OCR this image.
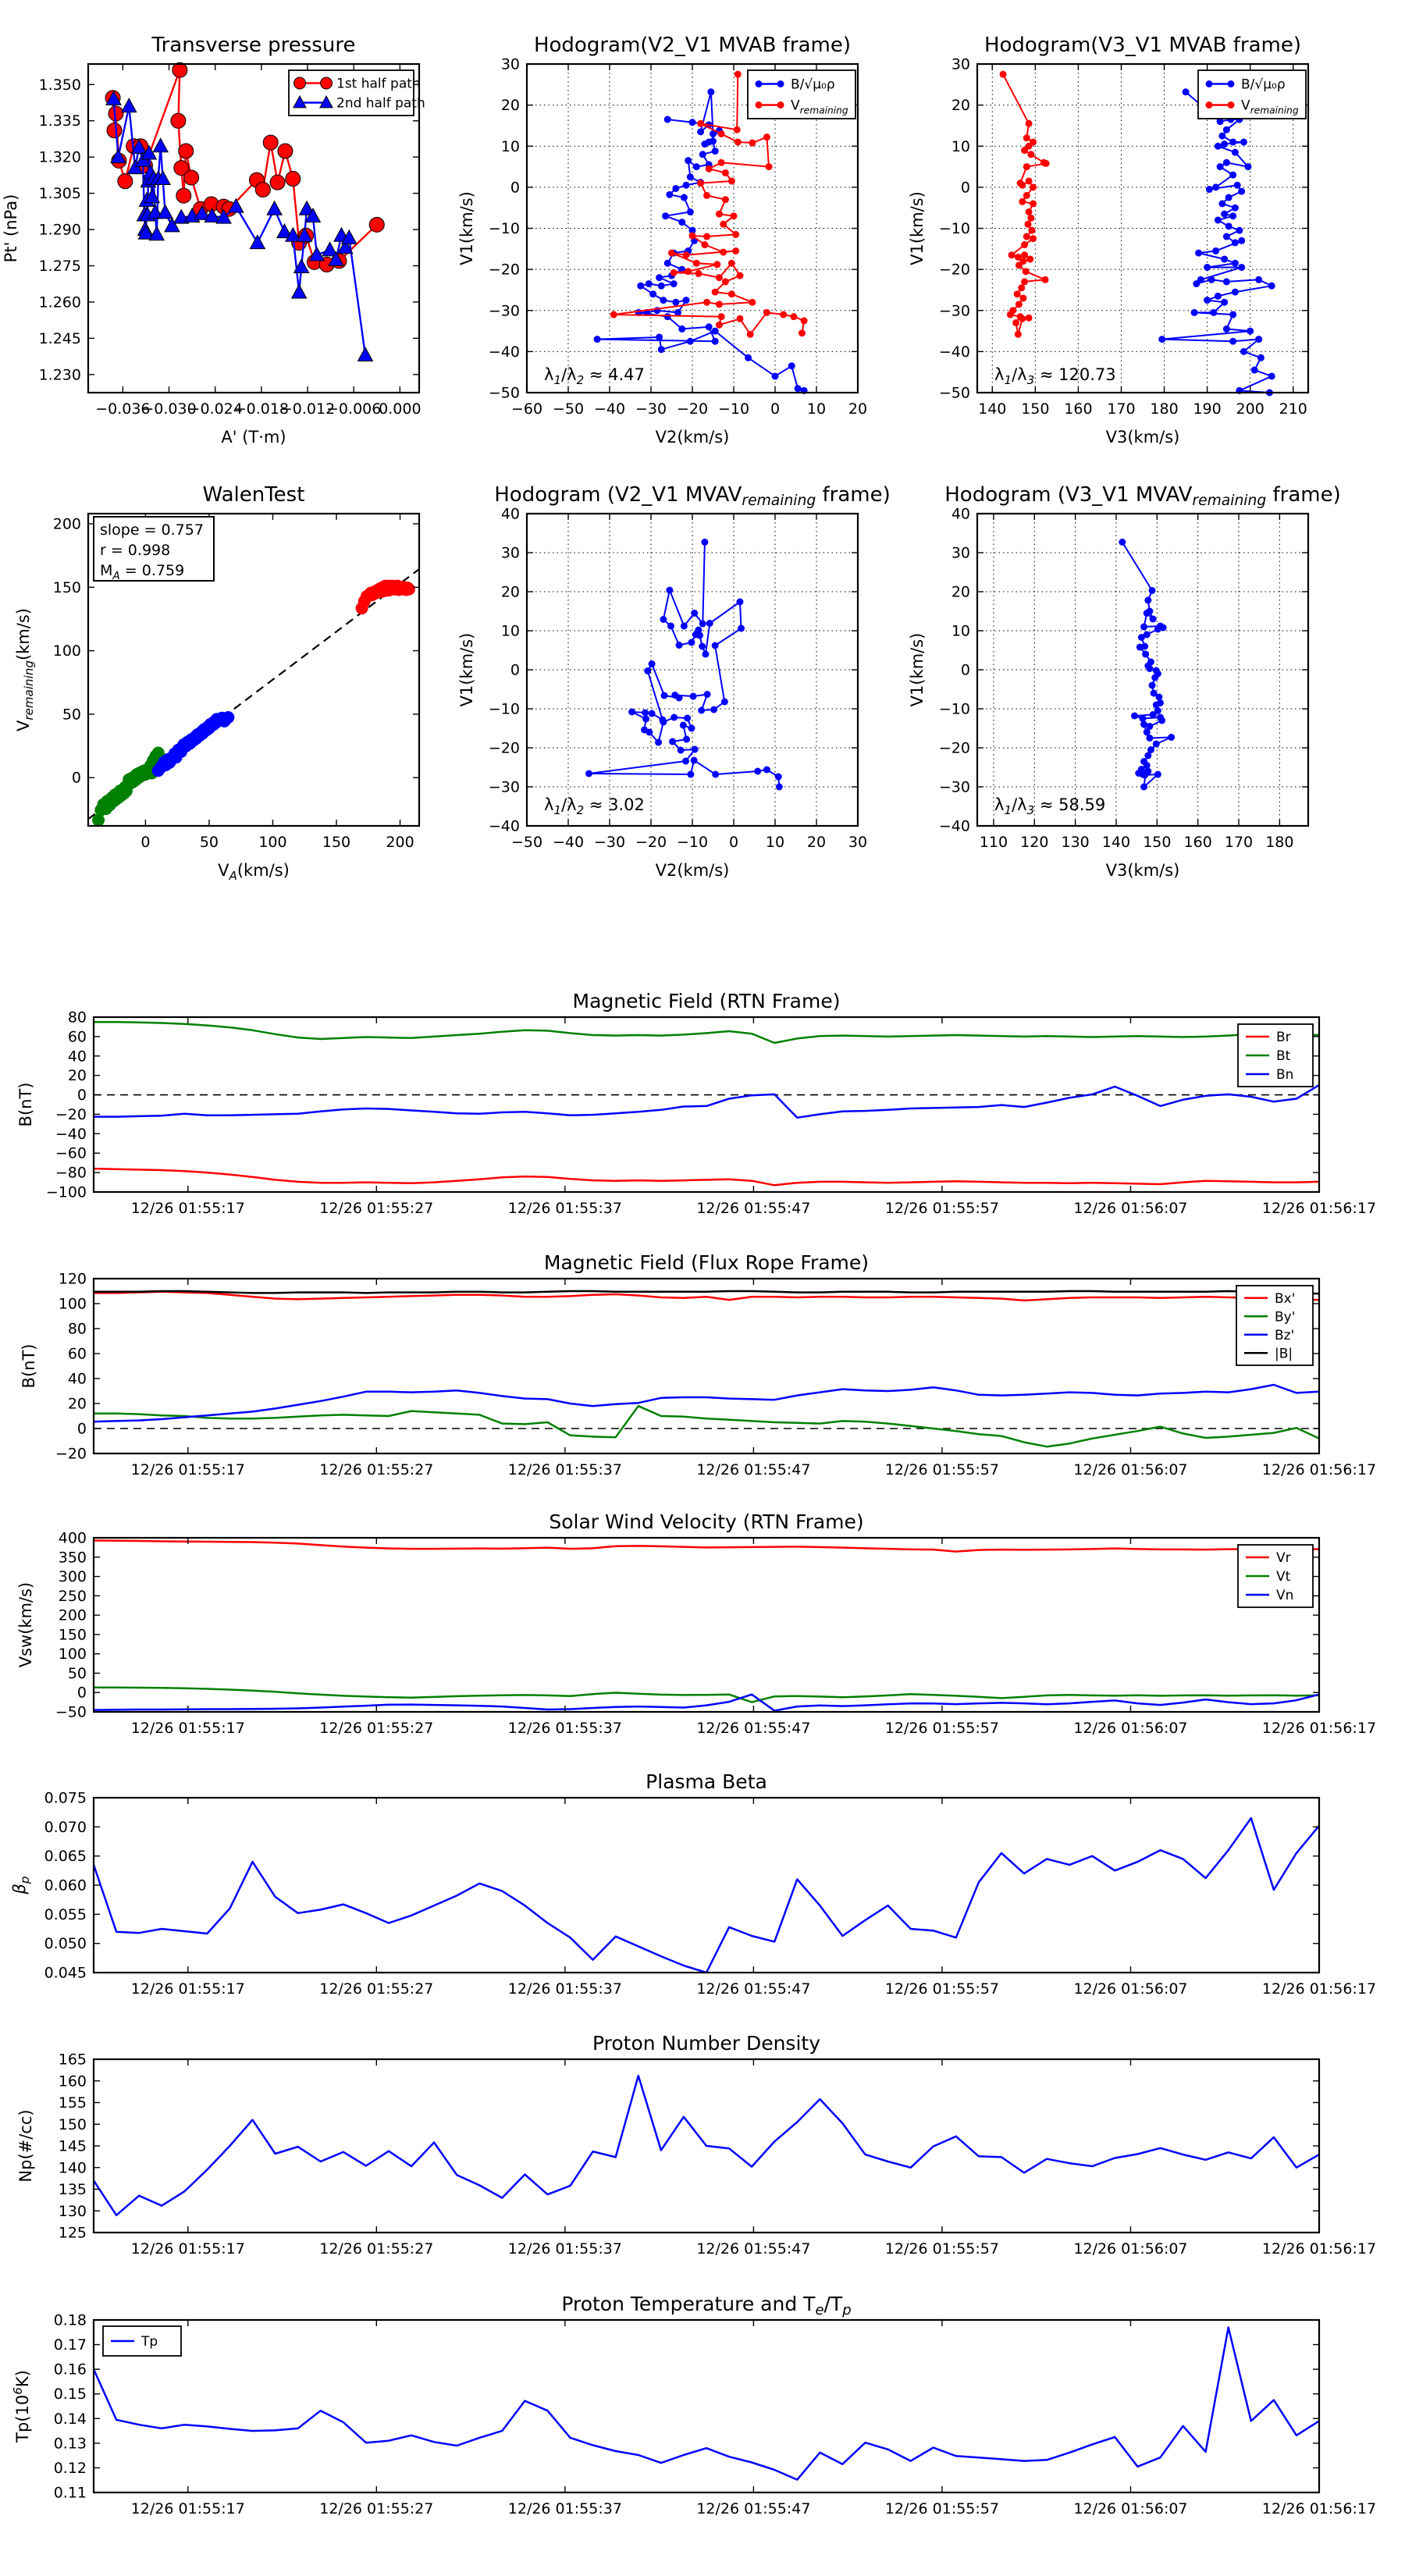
−0.036
−0.030
−0.024
−0.018
−0.012
−0.006
0.000
1.230
1.245
1.260
1.275
1.290
1.305
1.320
1.335
1.350
Transverse pressure
A' (T·m)
Pt' (nPa)
1st half path
2nd half path
−60 −50 −40 −30 −20 −10 0 10 20
−50
−40
−30
−20
−10
0
10
20
30
Hodogram(V2_V1 MVAB frame)
V2(km/s)
V1(km/s)
B/√μ₀ρ
$V_{remaining}$
$\lambda_1/\lambda_2 \approx 4.47$
140 150 160 170 180 190 200 210
−50
−40
−30
−20
−10
0
10
20
30
Hodogram(V3_V1 MVAB frame)
V3(km/s)
V1(km/s)
B/√μ₀ρ
$V_{remaining}$
$\lambda_1/\lambda_3 \approx 120.73$
0	50	100 150 200
0
50
100
150
200
WalenTest
$V_A(km/s)$
$V_{remaining}(km/s)$
slope = 0.757
r = 0.998
$M_A = 0.759$
−50 −40 −30 −20 −10 0 10 20 30
−40
−30
−20
−10
0
10
20
30
40
Hodogram (V2_V1 MVAVremaining frame)
V2(km/s)
V1(km/s)
$\lambda_1/\lambda_2 \approx 3.02$
110 120 130 140 150 160 170 180
−40
−30
−20
−10
0
10
20
30
40
Hodogram (V3_V1 MVAVremaining frame)
V3(km/s)
V1(km/s)
$\lambda_1/\lambda_3 \approx 58.59$
12/26 01:55:17	12/26 01:55:27	12/26 01:55:37	12/26 01:55:47	12/26 01:55:57	12/26 01:56:07	12/26 01:56:17
−100
−80
−60
−40
−20
0
20
40
60
80
Magnetic Field (RTN Frame)
B(nT)
Br
Bt
Bn
12/26 01:55:17	12/26 01:55:27	12/26 01:55:37	12/26 01:55:47	12/26 01:55:57	12/26 01:56:07	12/26 01:56:17
−20
0
20
40
60
80
100
120
Magnetic Field (Flux Rope Frame)
B(nT)
Bx'
By'
Bz'
|B|
12/26 01:55:17	12/26 01:55:27	12/26 01:55:37	12/26 01:55:47	12/26 01:55:57	12/26 01:56:07	12/26 01:56:17
−50
0
50
100
150
200
250
300
350
400
Solar Wind Velocity (RTN Frame)
Vsw(km/s)
Vr
Vt
Vn
12/26 01:55:17	12/26 01:55:27	12/26 01:55:37	12/26 01:55:47	12/26 01:55:57	12/26 01:56:07	12/26 01:56:17
0.045
0.050
0.055
0.060
0.065
0.070
0.075
Plasma Beta
$\beta_p$
12/26 01:55:17	12/26 01:55:27	12/26 01:55:37	12/26 01:55:47	12/26 01:55:57	12/26 01:56:07	12/26 01:56:17
125
130
135
140
145
150
155
160
165
Proton Number Density
Np(#/cc)
12/26 01:55:17	12/26 01:55:27	12/26 01:55:37	12/26 01:55:47	12/26 01:55:57	12/26 01:56:07	12/26 01:56:17
0.11
0.12
0.13
0.14
0.15
0.16
0.17
0.18
Proton Temperature and $T_e/T_p$
$Tp(10^6K)$
Tp
